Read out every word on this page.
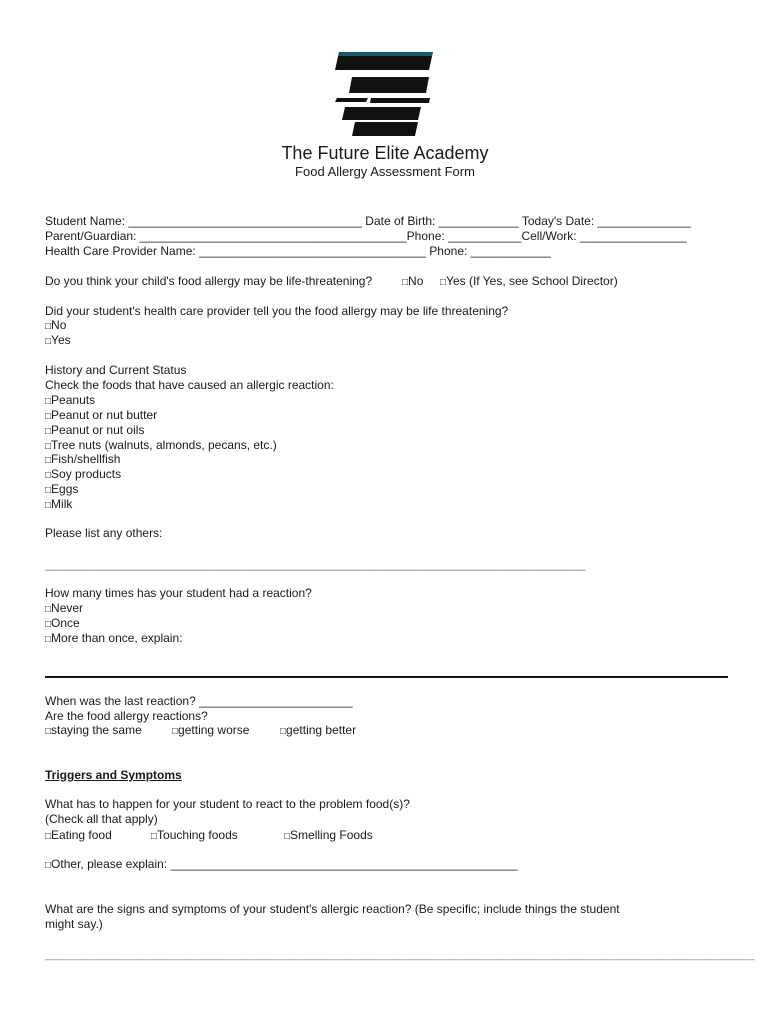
The Future Elite Academy
Food Allergy Assessment Form
Student Name: ___________________________________ Date of Birth: ____________ Today's Date: ______________
Parent/Guardian: ________________________________________Phone: ___________Cell/Work: ________________
Health Care Provider Name: __________________________________ Phone: ____________
Do you think your child's food allergy may be life-threatening?	□No □Yes (If Yes, see School Director)
Did your student's health care provider tell you the food allergy may be life threatening?
□No
□Yes
History and Current Status
Check the foods that have caused an allergic reaction:
□Peanuts
□Peanut or nut butter
□Peanut or nut oils
□Tree nuts (walnuts, almonds, pecans, etc.)
□Fish/shellfish
□Soy products
□Eggs
□Milk
Please list any others:
_________________________________________________________________________________
How many times has your student had a reaction?
□Never
□Once
□More than once, explain:
When was the last reaction? _______________________
Are the food allergy reactions?
□staying the same	□getting worse	□getting better
Triggers and Symptoms
What has to happen for your student to react to the problem food(s)?
(Check all that apply)
□Eating food	□Touching foods	□Smelling Foods
□Other, please explain: ____________________________________________________
What are the signs and symptoms of your student's allergic reaction? (Be specific; include things the student
might say.)
____________________________________________________________________________________________________________________
